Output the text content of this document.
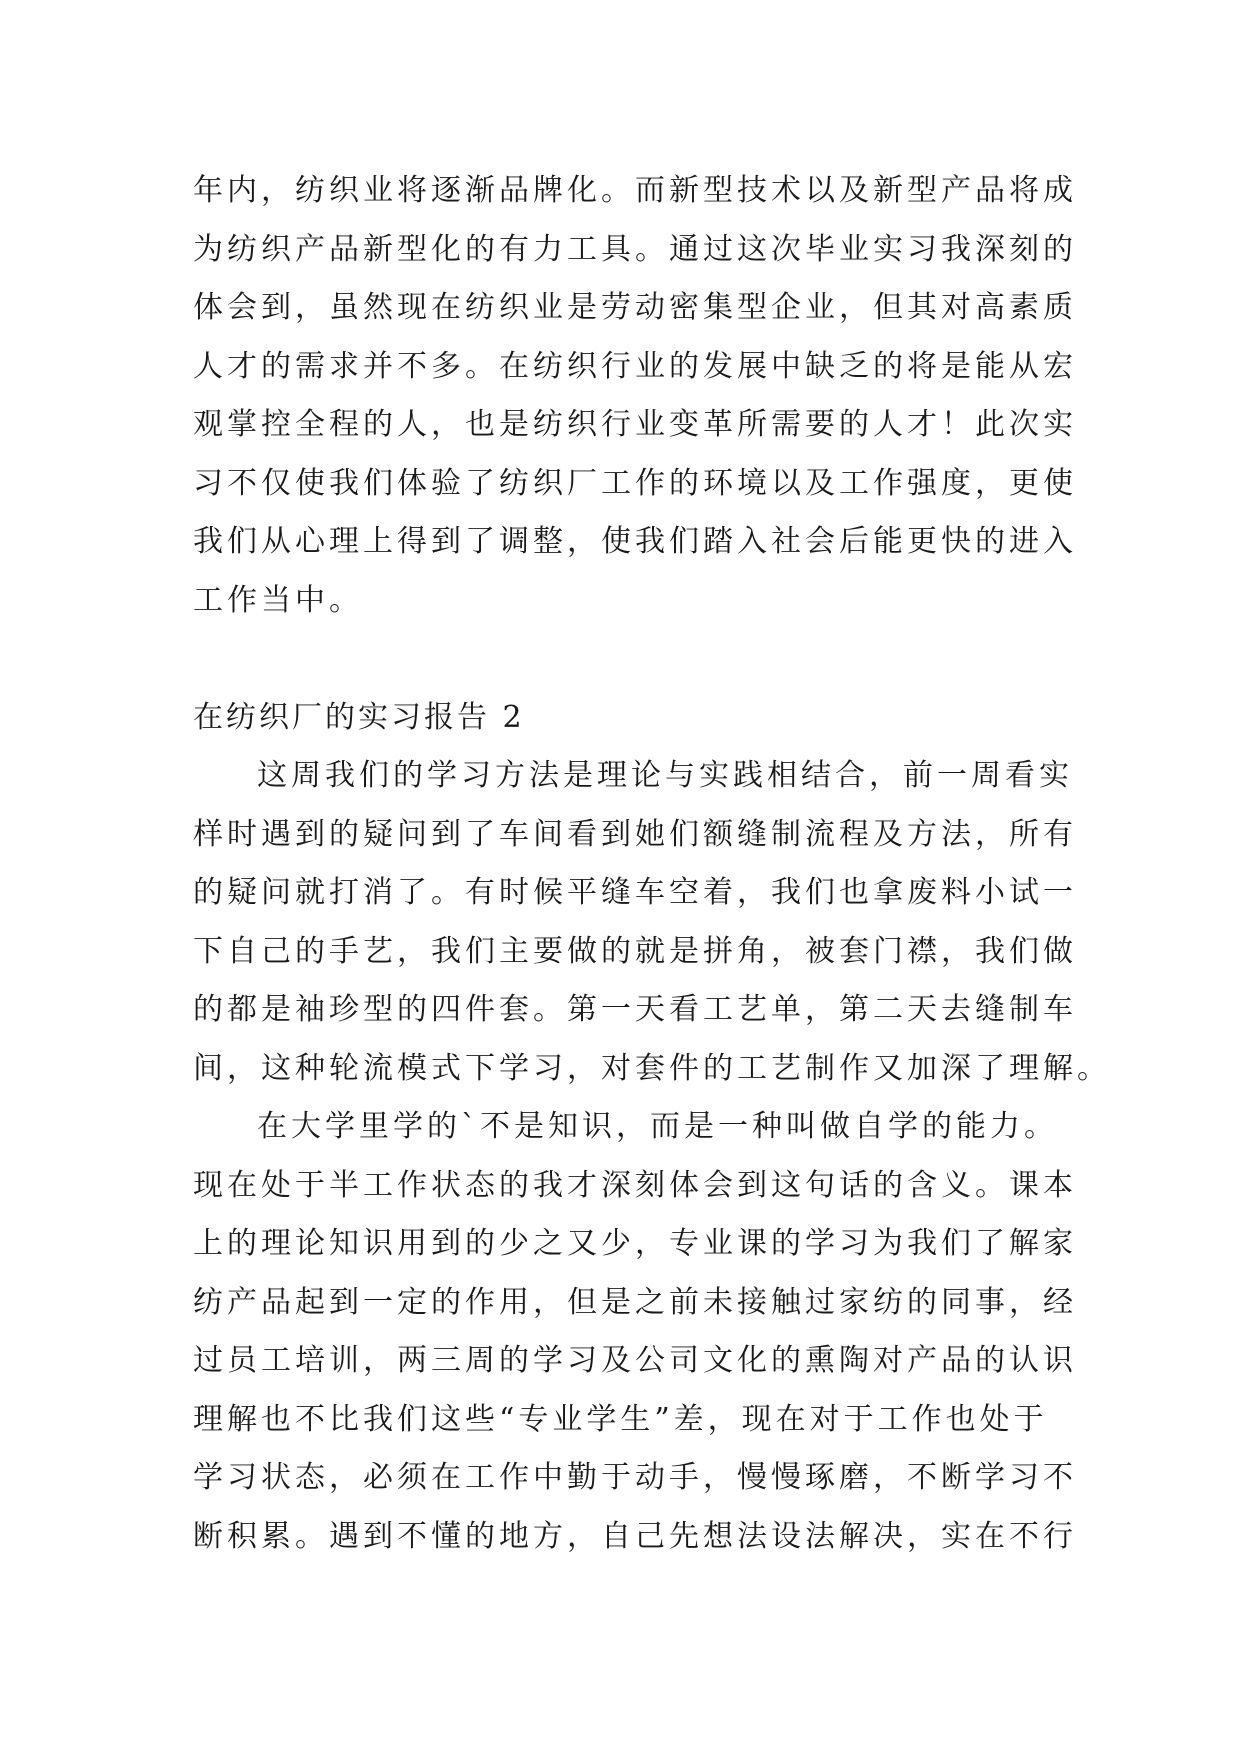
年内，纺织业将逐渐品牌化。而新型技术以及新型产品将成
为纺织产品新型化的有力工具。通过这次毕业实习我深刻的
体会到，虽然现在纺织业是劳动密集型企业，但其对高素质
人才的需求并不多。在纺织行业的发展中缺乏的将是能从宏
观掌控全程的人，也是纺织行业变革所需要的人才！此次实
习不仅使我们体验了纺织厂工作的环境以及工作强度，更使
我们从心理上得到了调整，使我们踏入社会后能更快的进入
工作当中。
在纺织厂的实习报告 2
这周我们的学习方法是理论与实践相结合，前一周看实
样时遇到的疑问到了车间看到她们额缝制流程及方法，所有
的疑问就打消了。有时候平缝车空着，我们也拿废料小试一
下自己的手艺，我们主要做的就是拼角，被套门襟，我们做
的都是袖珍型的四件套。第一天看工艺单，第二天去缝制车
间，这种轮流模式下学习，对套件的工艺制作又加深了理解。
在大学里学的`不是知识，而是一种叫做自学的能力。
现在处于半工作状态的我才深刻体会到这句话的含义。课本
上的理论知识用到的少之又少，专业课的学习为我们了解家
纺产品起到一定的作用，但是之前未接触过家纺的同事，经
过员工培训，两三周的学习及公司文化的熏陶对产品的认识
理解也不比我们这些“专业学生”差，现在对于工作也处于
学习状态，必须在工作中勤于动手，慢慢琢磨，不断学习不
断积累。遇到不懂的地方，自己先想法设法解决，实在不行
